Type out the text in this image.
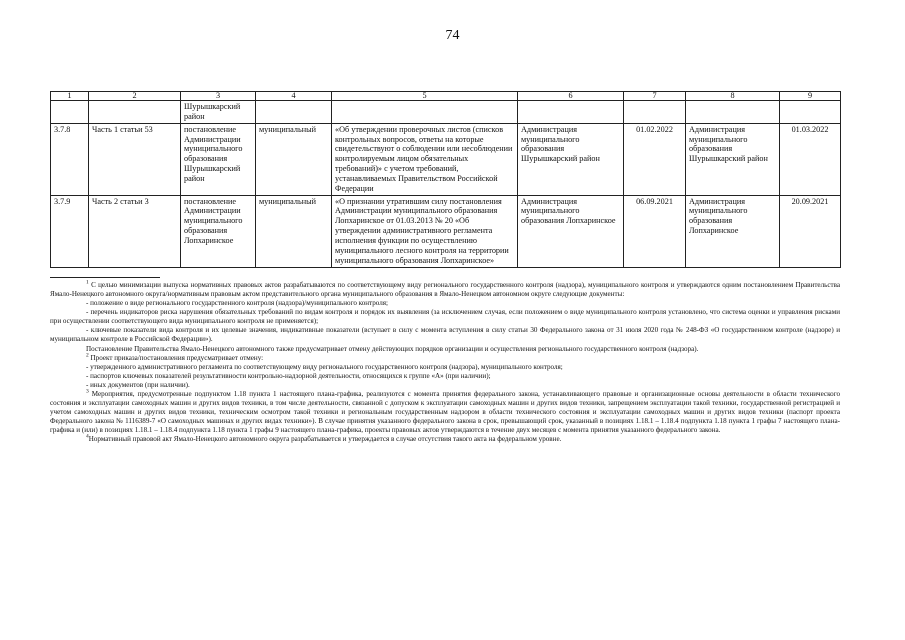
74
1	2	3	4	5	6	7	8	9
		Шурышкарский район						
3.7.8	Часть 1 статьи 53	постановление Администрации муниципального образования Шурышкарский район	муниципальный	«Об утверждении проверочных листов (списков контрольных вопросов, ответы на которые свидетельствуют о соблюдении или несоблюдении контролируемым лицом обязательных требований)» с учетом требований, устанавливаемых Правительством Российской Федерации	Администрация муниципального образования Шурышкарский район	01.02.2022	Администрация муниципального образования Шурышкарский район	01.03.2022
3.7.9	Часть 2 статьи 3	постановление Администрации муниципального образования Лопхаринское	муниципальный	«О признании утратившим силу постановления Администрации муниципального образования Лопхаринское от 01.03.2013 № 20 «Об утверждении административного регламента исполнения функции по осуществлению муниципального лесного контроля на территории муниципального образования Лопхаринское»	Администрация муниципального образования Лопхаринское	06.09.2021	Администрация муниципального образования Лопхаринское	20.09.2021

$^1$ С целью минимизации выпуска нормативных правовых актов разрабатываются по соответствующему виду регионального государственного контроля (надзора), муниципального контроля и утверждаются одним постановлением Правительства Ямало-Ненецкого автономного округа/нормативным правовым актом представительного органа муниципального образования в Ямало-Ненецком автономном округе следующие документы:

- положение о виде регионального государственного контроля (надзора)/муниципального контроля;

- перечень индикаторов риска нарушения обязательных требований по видам контроля и порядок их выявления (за исключением случая, если положением о виде муниципального контроля установлено, что система оценки и управления рисками при осуществлении соответствующего вида муниципального контроля не применяется);

- ключевые показатели вида контроля и их целевые значения, индикативные показатели (вступает в силу с момента вступления в силу статьи 30 Федерального закона от 31 июля 2020 года № 248-ФЗ «О государственном контроле (надзоре) и муниципальном контроле в Российской Федерации»).

Постановление Правительства Ямало-Ненецкого автономного также предусматривает отмену действующих порядков организации и осуществления регионального государственного контроля (надзора).

$^2$ Проект приказа/постановления предусматривает отмену:

- утвержденного административного регламента по соответствующему виду регионального государственного контроля (надзора), муниципального контроля;

- паспортов ключевых показателей результативности контрольно-надзорной деятельности, относящихся к группе «А» (при наличии);

- иных документов (при наличии).

$^3$ Мероприятия, предусмотренные подпунктом 1.18 пункта 1 настоящего плана-графика, реализуются с момента принятия федерального закона, устанавливающего правовые и организационные основы деятельности в области технического состояния и эксплуатации самоходных машин и других видов техники, в том числе деятельности, связанной с допуском к эксплуатации самоходных машин и других видов техники, запрещением эксплуатации такой техники, государственной регистрацией и учетом самоходных машин и других видов техники, техническим осмотром такой техники и региональным государственным надзором в области технического состояния и эксплуатации самоходных машин и других видов техники (паспорт проекта Федерального закона № 1116389-7 «О самоходных машинах и других видах техники»). В случае принятия указанного федерального закона в срок, превышающий срок, указанный в позициях 1.18.1 – 1.18.4 подпункта 1.18 пункта 1 графы 7 настоящего плана-графика и (или) в позициях 1.18.1 – 1.18.4 подпункта 1.18 пункта 1 графы 9 настоящего плана-графика, проекты правовых актов утверждаются в течение двух месяцев с момента принятия указанного федерального закона.

$^4$Нормативный правовой акт Ямало-Ненецкого автономного округа разрабатывается и утверждается в случае отсутствия такого акта на федеральном уровне.
